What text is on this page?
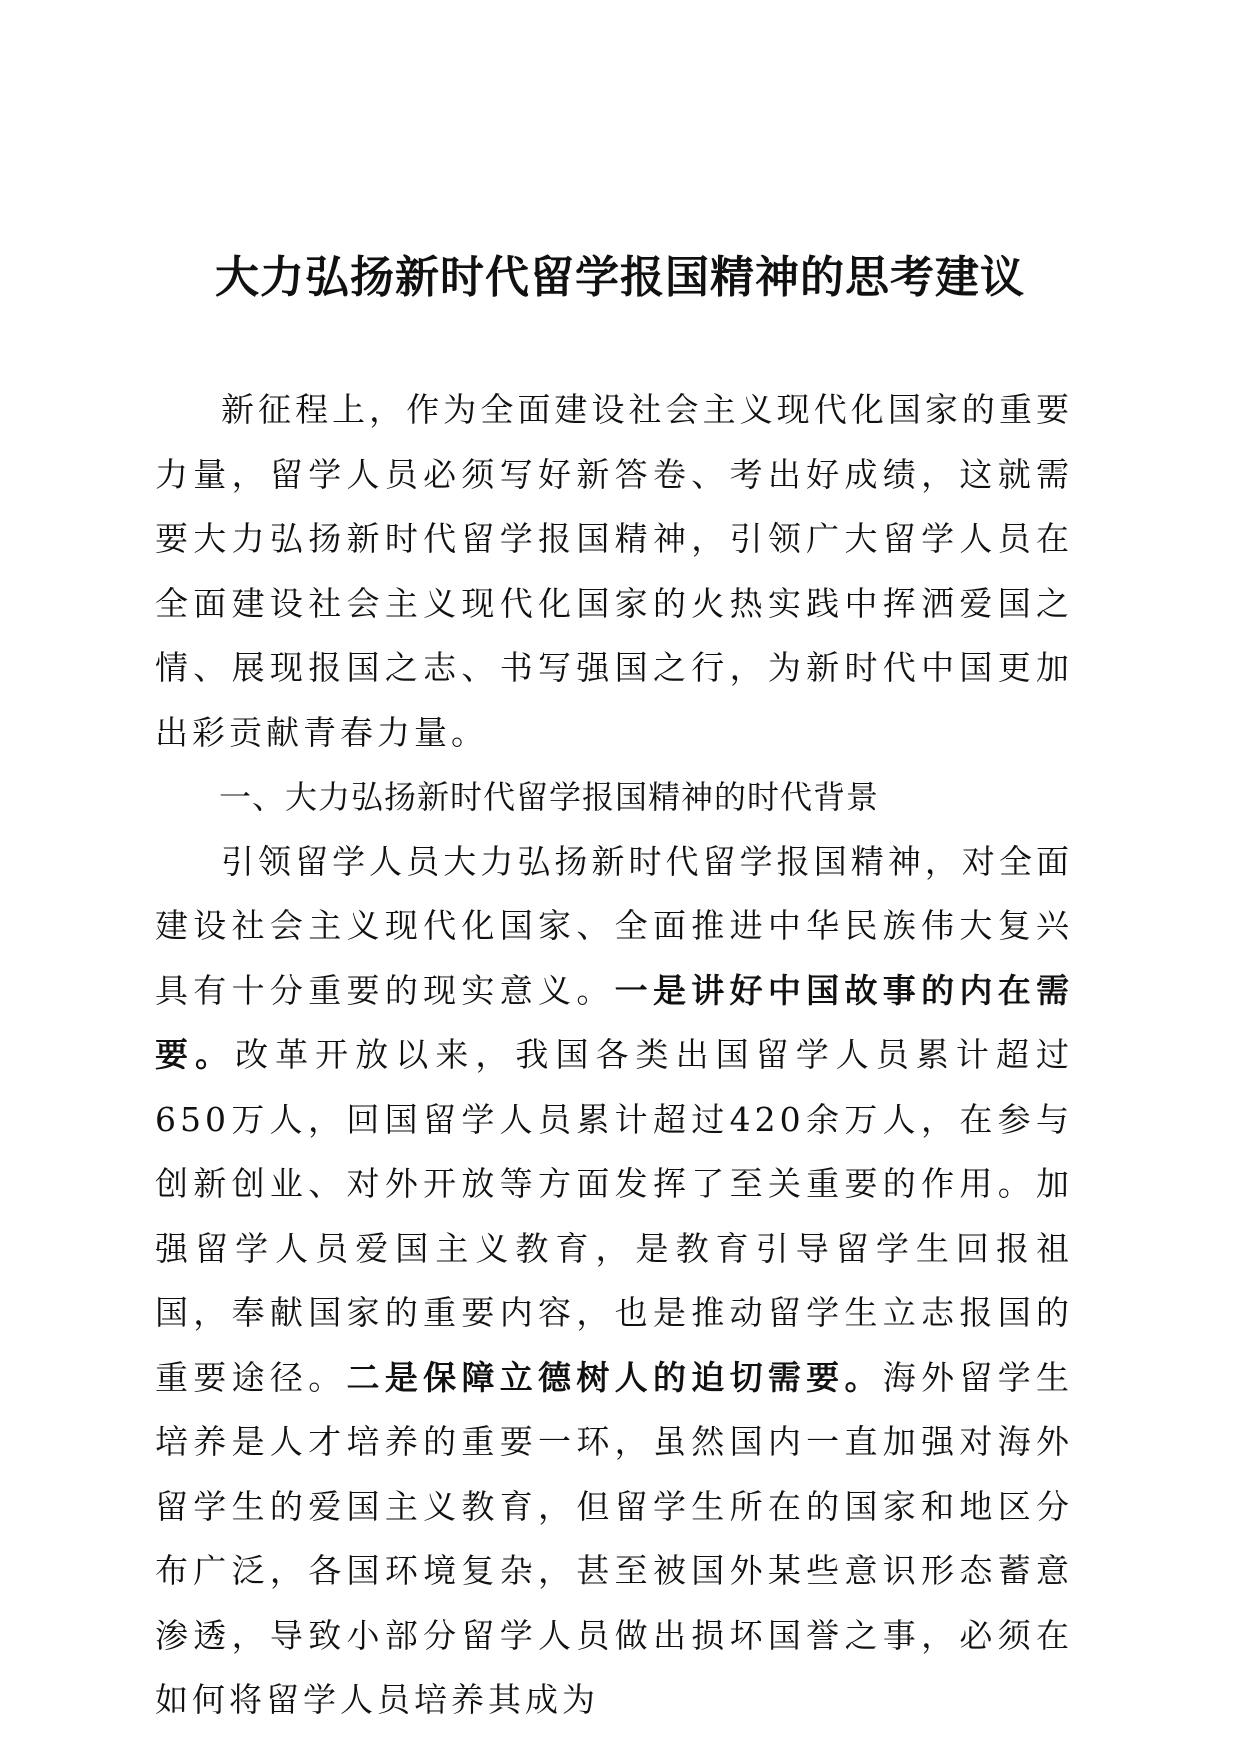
大力弘扬新时代留学报国精神的思考建议

新征程上，作为全面建设社会主义现代化国家的重要力量，留学人员必须写好新答卷、考出好成绩，这就需要大力弘扬新时代留学报国精神，引领广大留学人员在全面建设社会主义现代化国家的火热实践中挥洒爱国之情、展现报国之志、书写强国之行，为新时代中国更加出彩贡献青春力量。

一、大力弘扬新时代留学报国精神的时代背景

引领留学人员大力弘扬新时代留学报国精神，对全面建设社会主义现代化国家、全面推进中华民族伟大复兴具有十分重要的现实意义。一是讲好中国故事的内在需要。改革开放以来，我国各类出国留学人员累计超过650万人，回国留学人员累计超过420余万人，在参与创新创业、对外开放等方面发挥了至关重要的作用。加强留学人员爱国主义教育，是教育引导留学生回报祖国，奉献国家的重要内容，也是推动留学生立志报国的重要途径。二是保障立德树人的迫切需要。海外留学生培养是人才培养的重要一环，虽然国内一直加强对海外留学生的爱国主义教育，但留学生所在的国家和地区分布广泛，各国环境复杂，甚至被国外某些意识形态蓄意渗透，导致小部分留学人员做出损坏国誉之事，必须在如何将留学人员培养其成为
